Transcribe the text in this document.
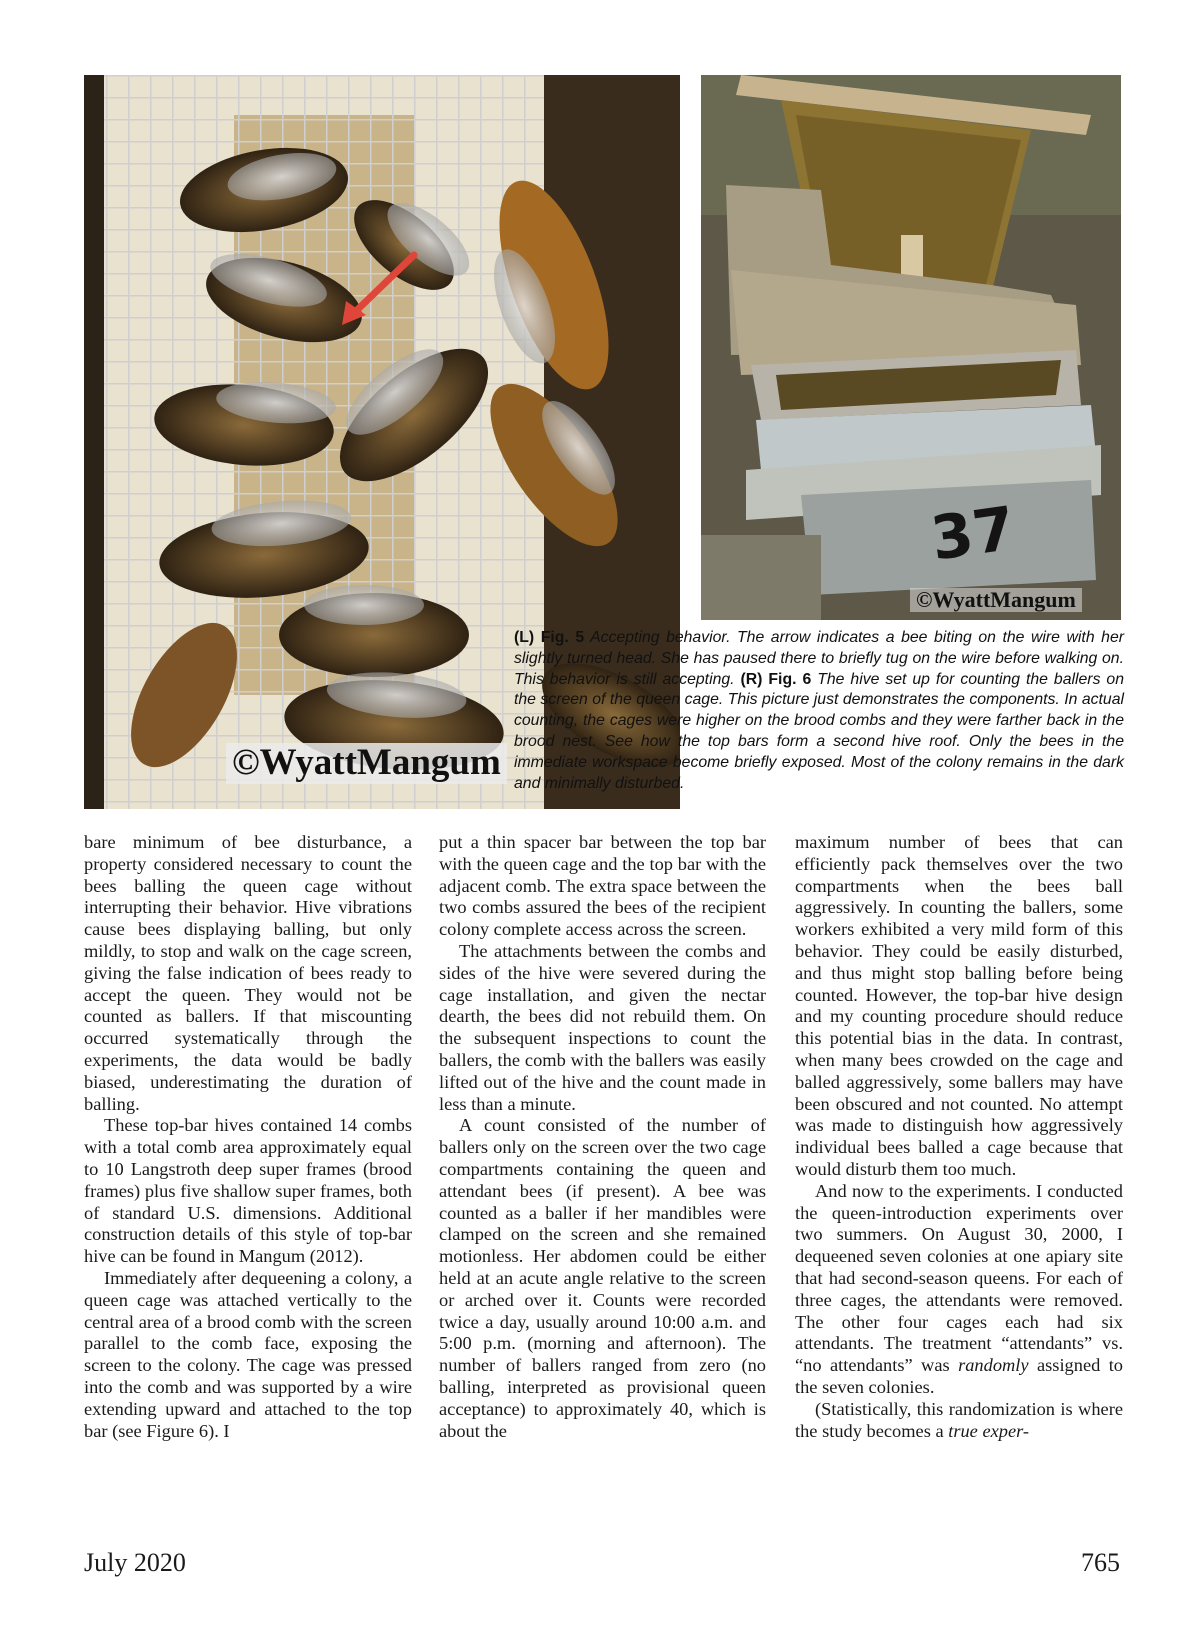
©WyattMangum
37
©WyattMangum

(L) Fig. 5 Accepting behavior. The arrow indicates a bee biting on the wire with her slightly turned head. She has paused there to briefly tug on the wire before walking on. This behavior is still accepting. (R) Fig. 6 The hive set up for counting the ballers on the screen of the queen cage. This picture just demonstrates the components. In actual counting, the cages were higher on the brood combs and they were farther back in the brood nest. See how the top bars form a second hive roof. Only the bees in the immediate workspace become briefly exposed. Most of the colony remains in the dark and minimally disturbed.

bare minimum of bee disturbance, a property considered necessary to count the bees balling the queen cage without interrupting their behavior. Hive vibrations cause bees displaying balling, but only mildly, to stop and walk on the cage screen, giving the false indication of bees ready to accept the queen. They would not be counted as ballers. If that miscounting occurred systematically through the experiments, the data would be badly biased, underestimating the duration of balling.

These top-bar hives contained 14 combs with a total comb area approximately equal to 10 Langstroth deep super frames (brood frames) plus five shallow super frames, both of standard U.S. dimensions. Additional construction details of this style of top-bar hive can be found in Mangum (2012).

Immediately after dequeening a colony, a queen cage was attached vertically to the central area of a brood comb with the screen parallel to the comb face, exposing the screen to the colony. The cage was pressed into the comb and was supported by a wire extending upward and attached to the top bar (see Figure 6). I

put a thin spacer bar between the top bar with the queen cage and the top bar with the adjacent comb. The extra space between the two combs assured the bees of the recipient colony complete access across the screen.

The attachments between the combs and sides of the hive were severed during the cage installation, and given the nectar dearth, the bees did not rebuild them. On the subsequent inspections to count the ballers, the comb with the ballers was easily lifted out of the hive and the count made in less than a minute.

A count consisted of the number of ballers only on the screen over the two cage compartments containing the queen and attendant bees (if present). A bee was counted as a baller if her mandibles were clamped on the screen and she remained motionless. Her abdomen could be either held at an acute angle relative to the screen or arched over it. Counts were recorded twice a day, usually around 10:00 a.m. and 5:00 p.m. (morning and afternoon). The number of ballers ranged from zero (no balling, interpreted as provisional queen acceptance) to approximately 40, which is about the

maximum number of bees that can efficiently pack themselves over the two compartments when the bees ball aggressively. In counting the ballers, some workers exhibited a very mild form of this behavior. They could be easily disturbed, and thus might stop balling before being counted. However, the top-bar hive design and my counting procedure should reduce this potential bias in the data. In contrast, when many bees crowded on the cage and balled aggressively, some ballers may have been obscured and not counted. No attempt was made to distinguish how aggressively individual bees balled a cage because that would disturb them too much.

And now to the experiments. I conducted the queen-introduction experiments over two summers. On August 30, 2000, I dequeened seven colonies at one apiary site that had second-season queens. For each of three cages, the attendants were removed. The other four cages each had six attendants. The treatment “attendants” vs. “no attendants” was randomly assigned to the seven colonies.

(Statistically, this randomization is where the study becomes a true exper-

July 2020	765
